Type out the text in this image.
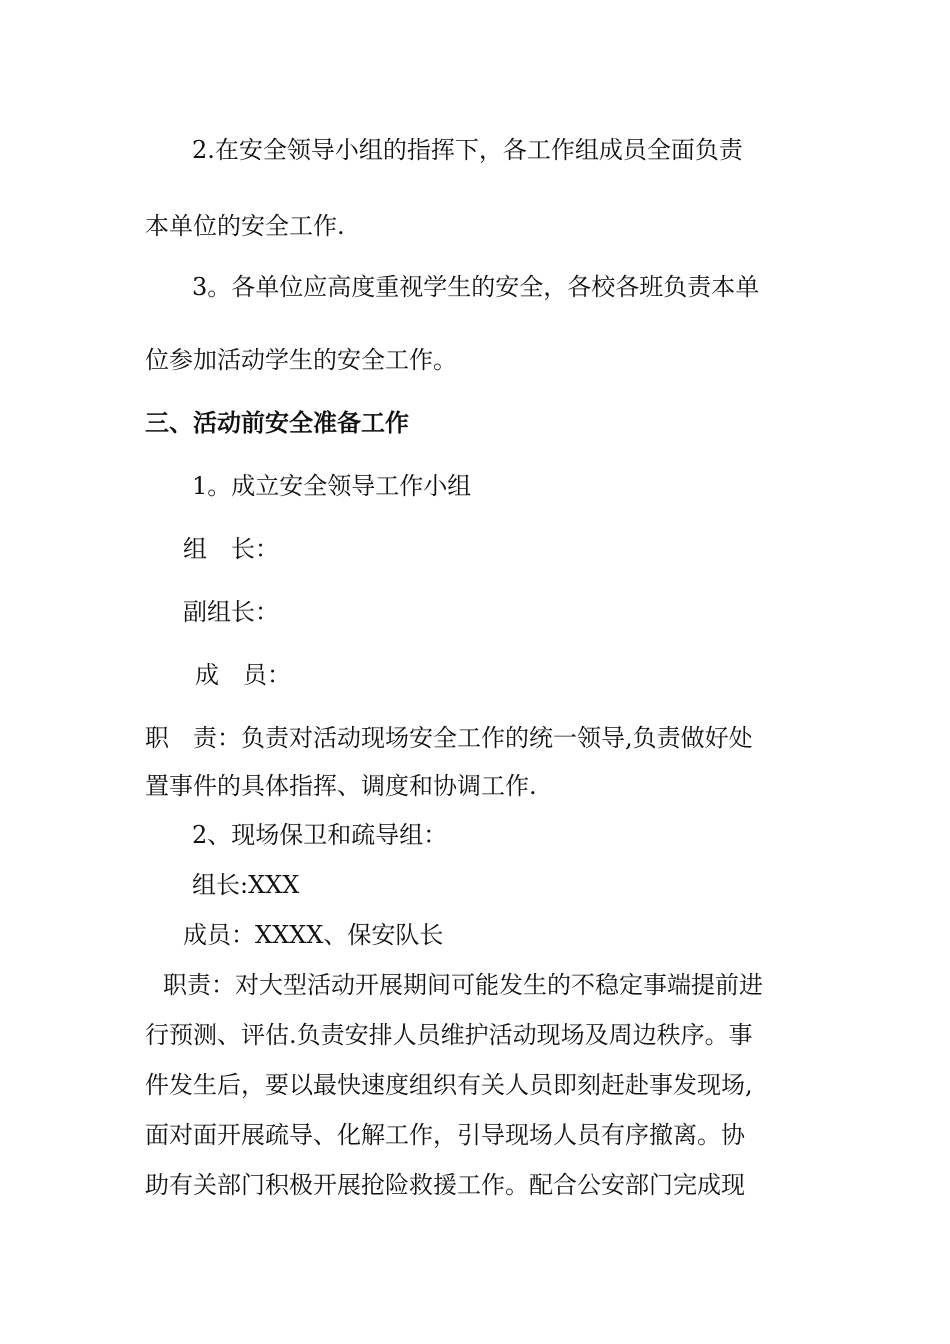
2.在安全领导小组的指挥下，各工作组成员全面负责
本单位的安全工作.
3。各单位应高度重视学生的安全，各校各班负责本单
位参加活动学生的安全工作。
三、活动前安全准备工作
1。成立安全领导工作小组
组　长：
副组长：
成　员：
职　责：负责对活动现场安全工作的统一领导,负责做好处
置事件的具体指挥、调度和协调工作.
2、现场保卫和疏导组：
组长:XXX
成员：XXXX、保安队长
职责：对大型活动开展期间可能发生的不稳定事端提前进
行预测、评估.负责安排人员维护活动现场及周边秩序。事
件发生后，要以最快速度组织有关人员即刻赶赴事发现场,
面对面开展疏导、化解工作，引导现场人员有序撤离。协
助有关部门积极开展抢险救援工作。配合公安部门完成现
